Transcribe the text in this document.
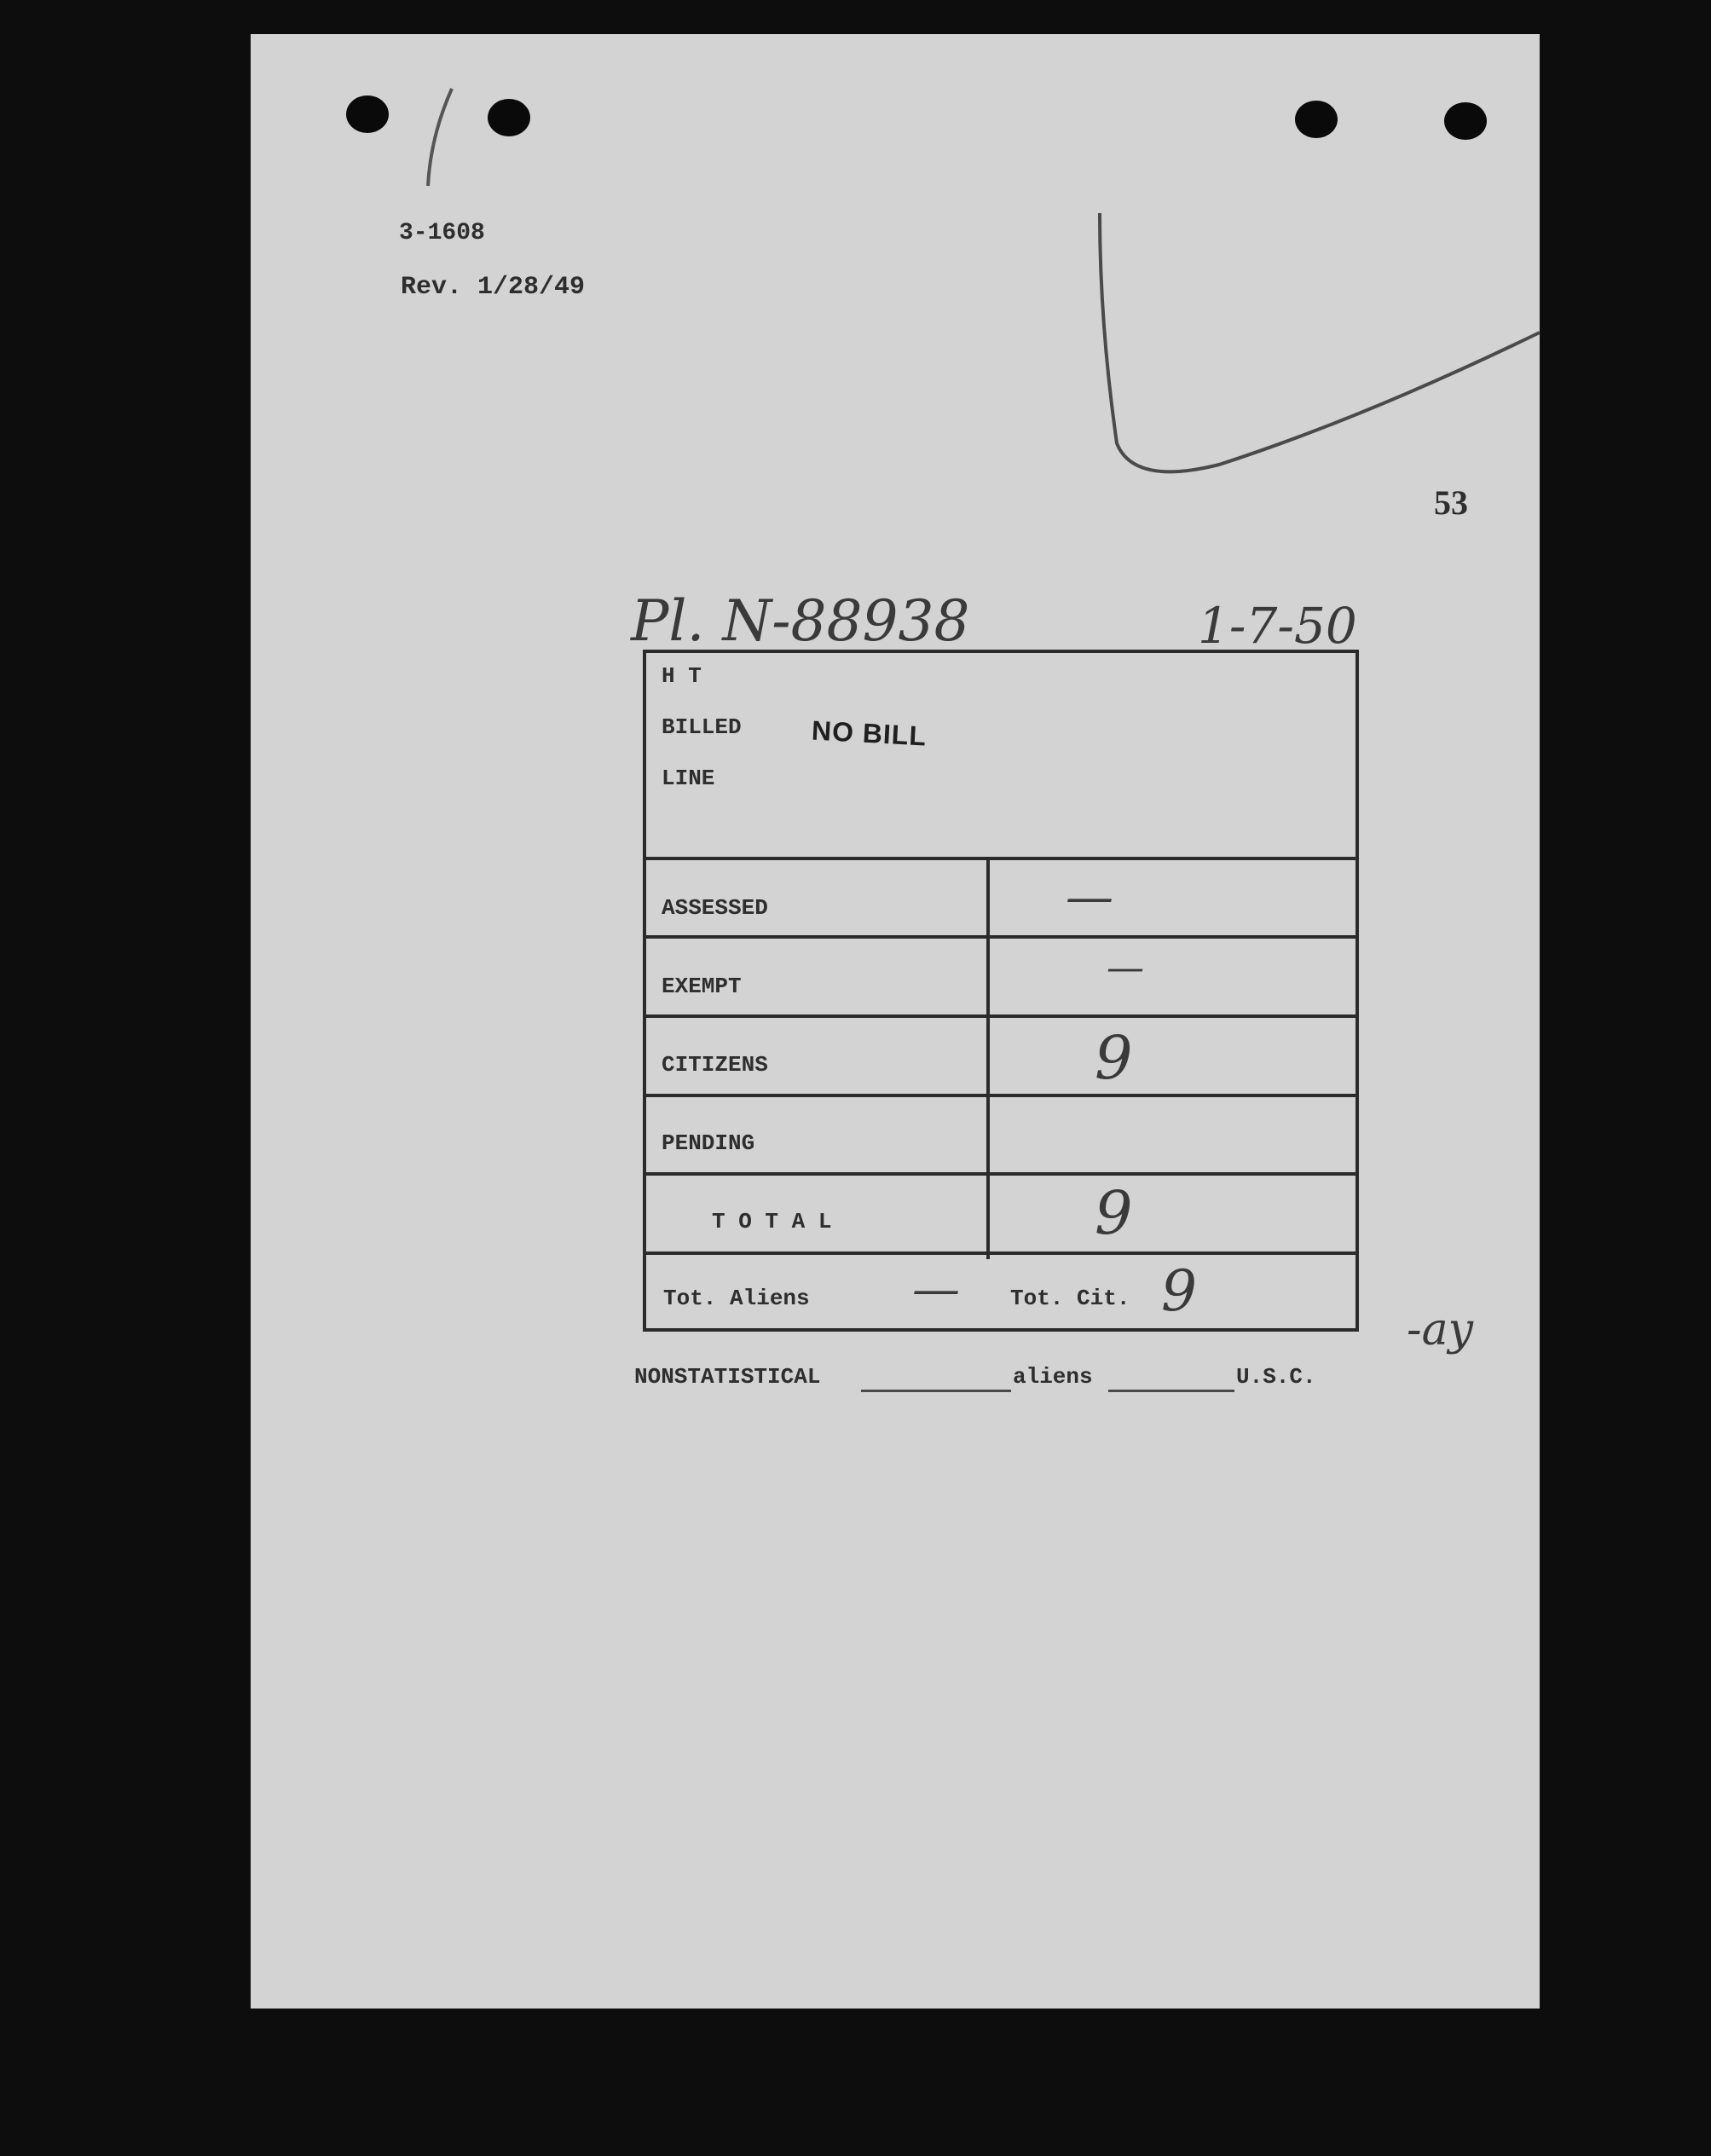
3-1608
Rev. 1/28/49
53
Pl. N-88938	1-7-50
-ay
H T
BILLED	NO BILL
LINE
ASSESSED	—
EXEMPT	—
CITIZENS	9
PENDING
T O T A L	9
Tot. Aliens — Tot. Cit. 9
NONSTATISTICAL	aliens	U.S.C.
